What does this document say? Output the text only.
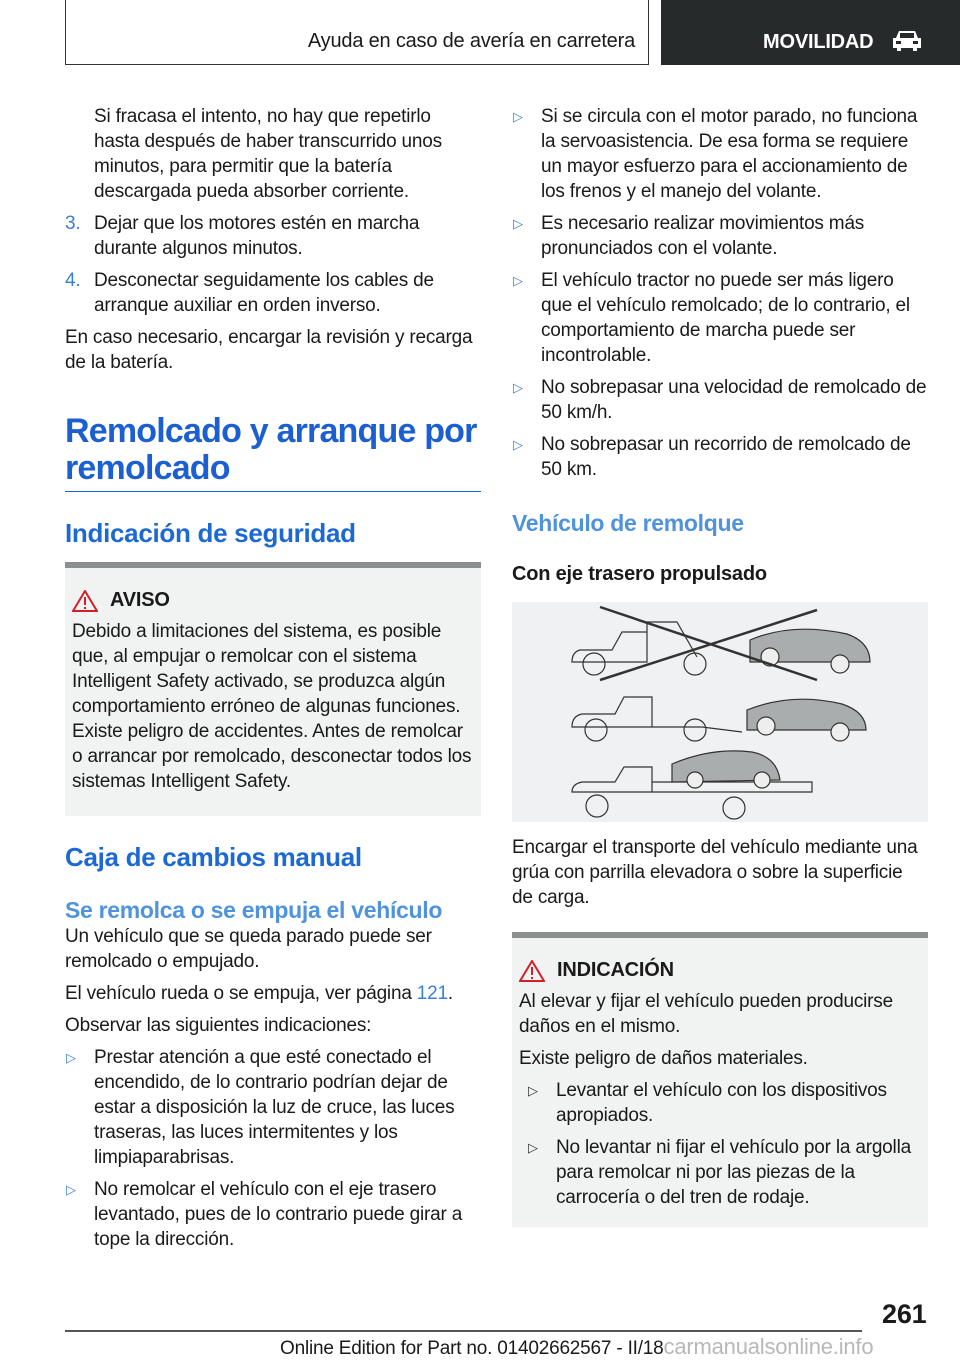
Ayuda en caso de avería en carretera	MOVILIDAD

Si fracasa el intento, no hay que repetirlo hasta después de haber transcurrido unos minutos, para permitir que la batería descargada pueda absorber corriente.

3. Dejar que los motores estén en marcha durante algunos minutos.
4. Desconectar seguidamente los cables de arranque auxiliar en orden inverso.

En caso necesario, encargar la revisión y recarga de la batería.

Remolcado y arranque por remolcado
Indicación de seguridad
AVISO
Debido a limitaciones del sistema, es posible que, al empujar o remolcar con el sistema Intelligent Safety activado, se produzca algún comportamiento erróneo de algunas funciones. Existe peligro de accidentes. Antes de remolcar o arrancar por remolcado, desconectar todos los sistemas Intelligent Safety.
Caja de cambios manual
Se remolca o se empuja el vehículo

Un vehículo que se queda parado puede ser remolcado o empujado.

El vehículo rueda o se empuja, ver página 121.

Observar las siguientes indicaciones:

▷ Prestar atención a que esté conectado el encendido, de lo contrario podrían dejar de estar a disposición la luz de cruce, las luces traseras, las luces intermitentes y los limpiaparabrisas.
▷ No remolcar el vehículo con el eje trasero levantado, pues de lo contrario puede girar a tope la dirección.
▷ Si se circula con el motor parado, no funciona la servoasistencia. De esa forma se requiere un mayor esfuerzo para el accionamiento de los frenos y el manejo del volante.
▷ Es necesario realizar movimientos más pronunciados con el volante.
▷ El vehículo tractor no puede ser más ligero que el vehículo remolcado; de lo contrario, el comportamiento de marcha puede ser incontrolable.
▷ No sobrepasar una velocidad de remolcado de 50 km/h.
▷ No sobrepasar un recorrido de remolcado de 50 km.
Vehículo de remolque
Con eje trasero propulsado

Encargar el transporte del vehículo mediante una grúa con parrilla elevadora o sobre la superficie de carga.

INDICACIÓN

Al elevar y fijar el vehículo pueden producirse daños en el mismo.

Existe peligro de daños materiales.

▷ Levantar el vehículo con los dispositivos apropiados.
▷ No levantar ni fijar el vehículo por la argolla para remolcar ni por las piezas de la carrocería o del tren de rodaje.
261
Online Edition for Part no. 01402662567 - II/18carmanualsonline.info
